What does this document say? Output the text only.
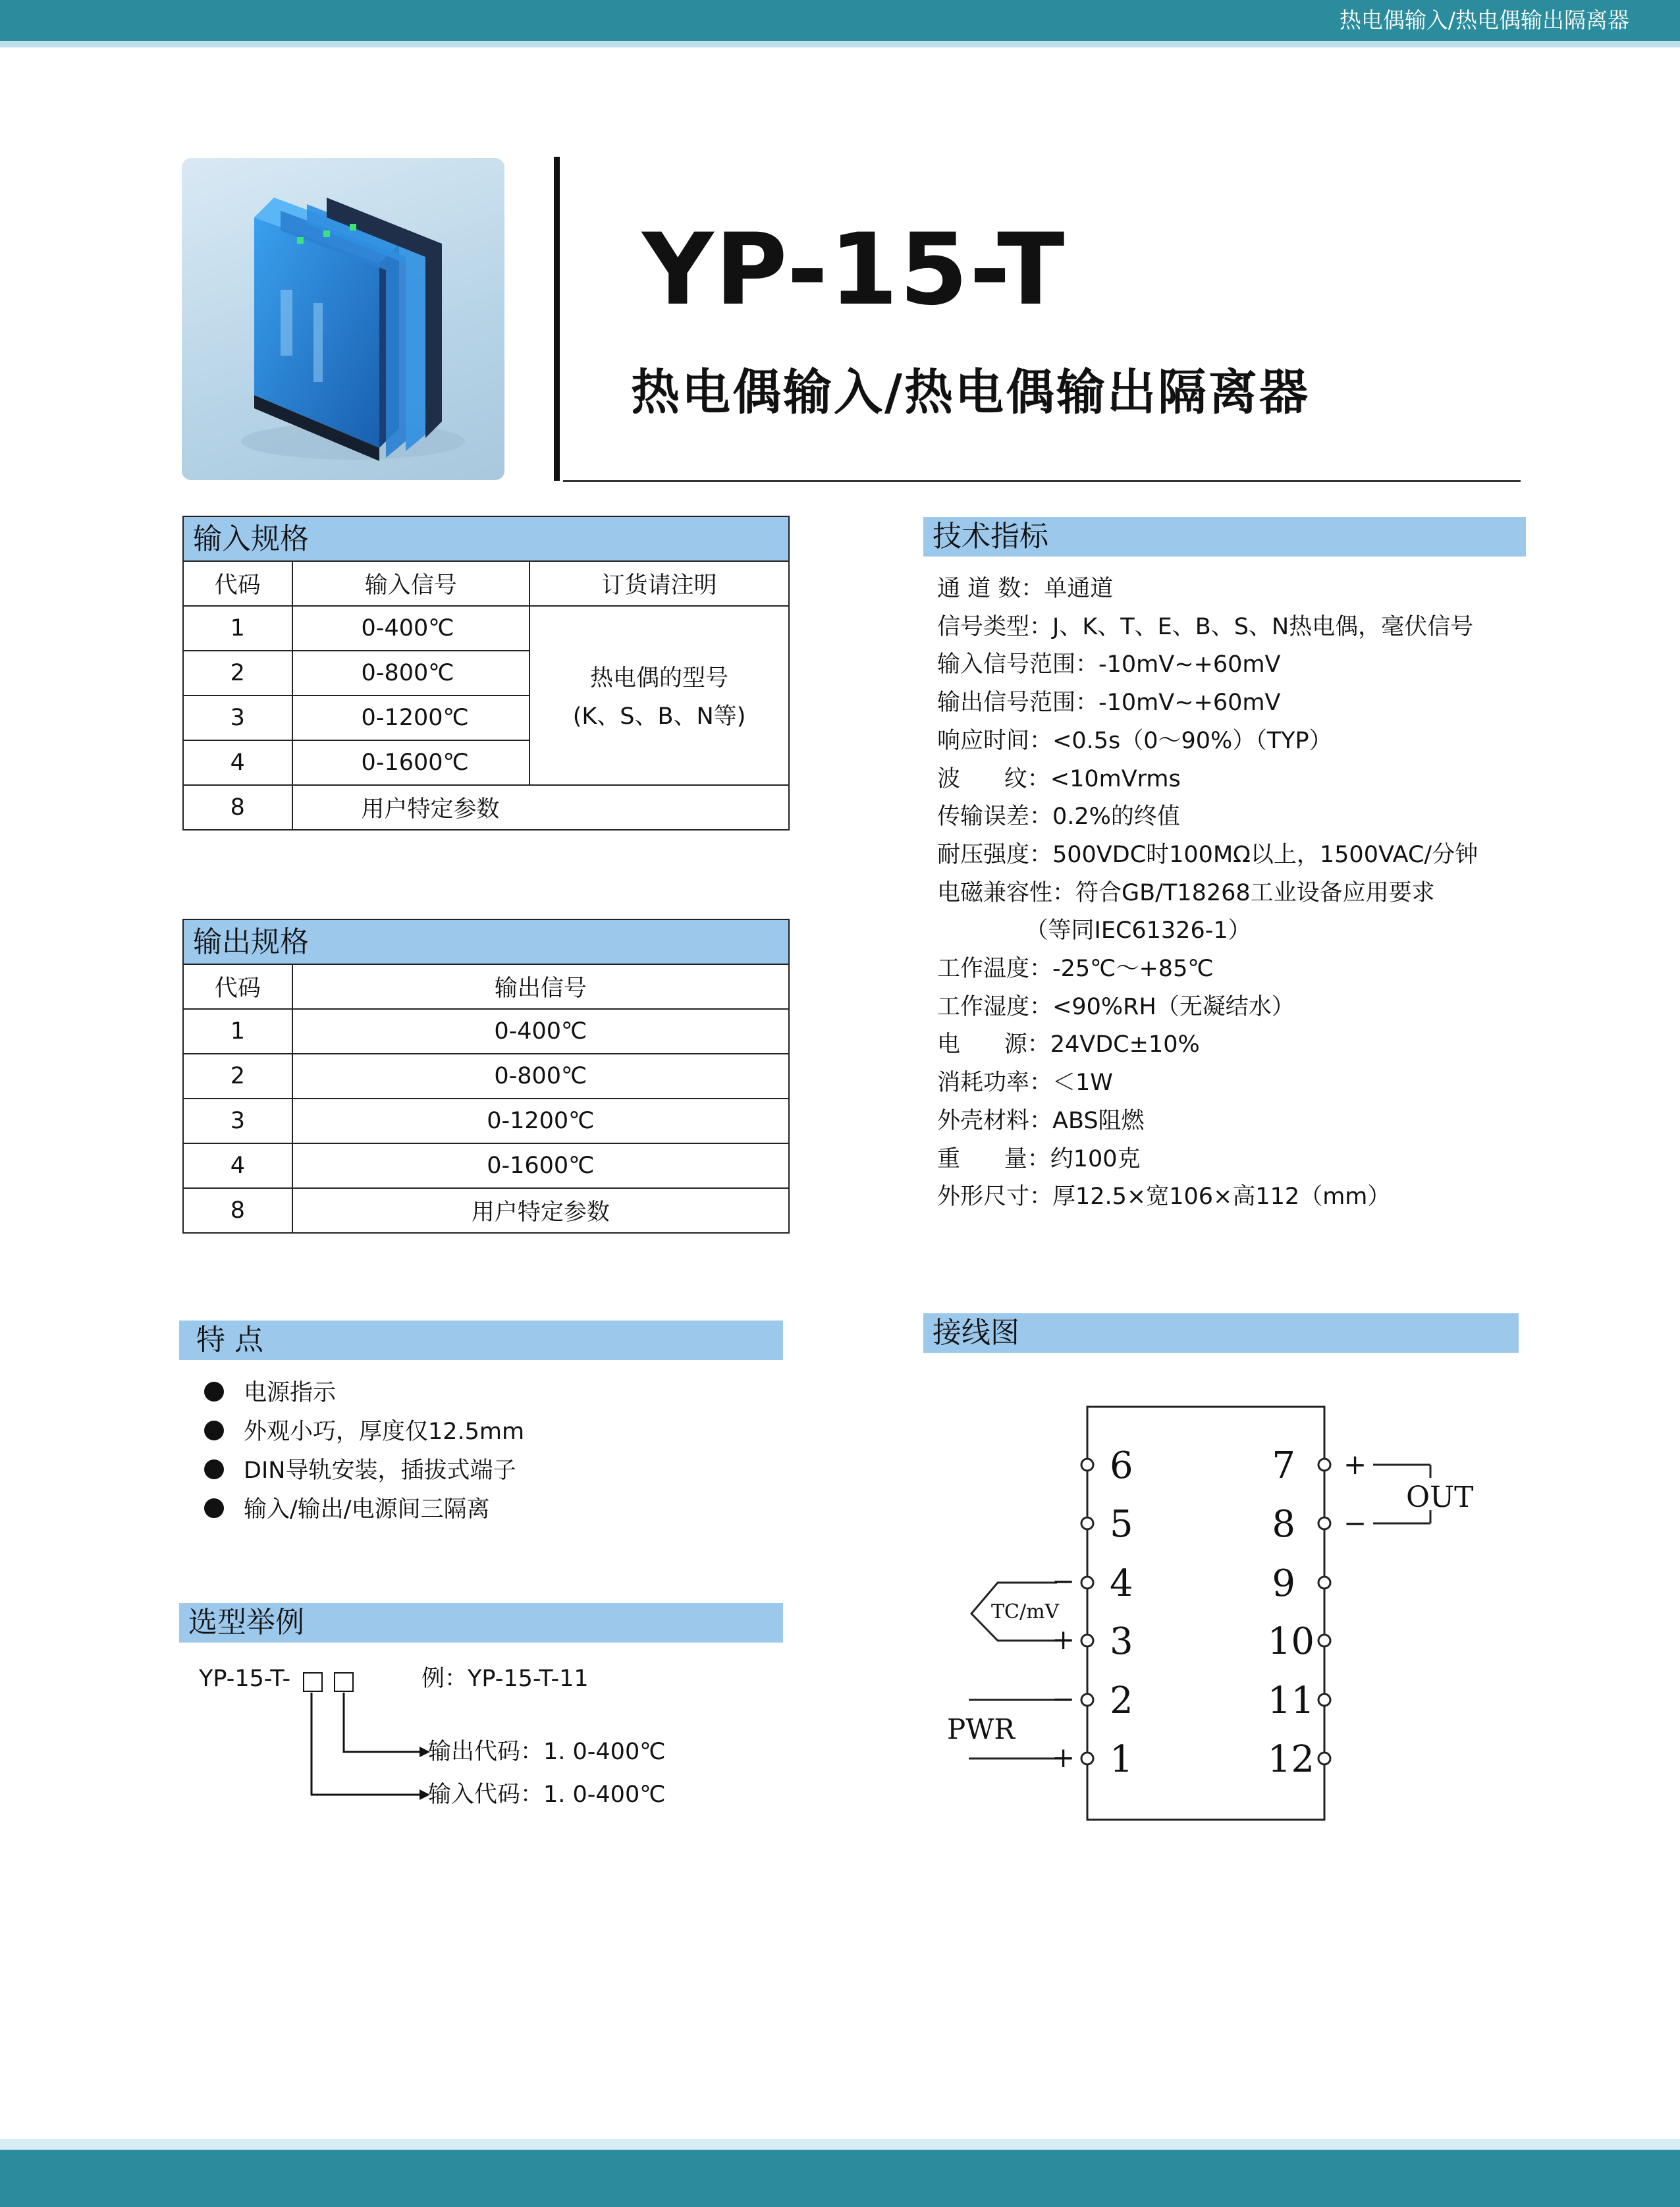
热电偶输入/热电偶输出隔离器
YP-15-T
热电偶输入/热电偶输出隔离器
输入规格
代码	输入信号	订货请注明
1	0-400℃	热电偶的型号
(K、S、B、N等)

2	0-800℃	
3	0-1200℃	
4	0-1600℃	
8	用户特定参数	
输出规格
代码	输出信号
1	0-400℃
2	0-800℃
3	0-1200℃
4	0-1600℃
8	用户特定参数
技术指标
通 道 数：单通道
信号类型：J、K、T、E、B、S、N热电偶，毫伏信号
输入信号范围：-10mV~+60mV
输出信号范围：-10mV~+60mV
响应时间：<0.5s（0～90%）（TYP）
波      纹：<10mVrms
传输误差：0.2%的终值
耐压强度：500VDC时100MΩ以上，1500VAC/分钟
电磁兼容性：符合GB/T18268工业设备应用要求
（等同IEC61326-1）
工作温度：-25℃～+85℃
工作湿度：<90%RH（无凝结水）
电      源：24VDC±10%
消耗功率：＜1W
外壳材料：ABS阻燃
重      量：约100克
外形尺寸：厚12.5×宽106×高112（mm）
特 点
电源指示
外观小巧，厚度仅12.5mm
DIN导轨安装，插拔式端子
输入/输出/电源间三隔离
选型举例
YP-15-T-	例：YP-15-T-11
输出代码：1. 0-400℃
输入代码：1. 0-400℃
接线图
6
5
4
3
2
1
7
8
9
10
11
12
+
−
OUT
−
+
TC/mV
−
+
PWR
